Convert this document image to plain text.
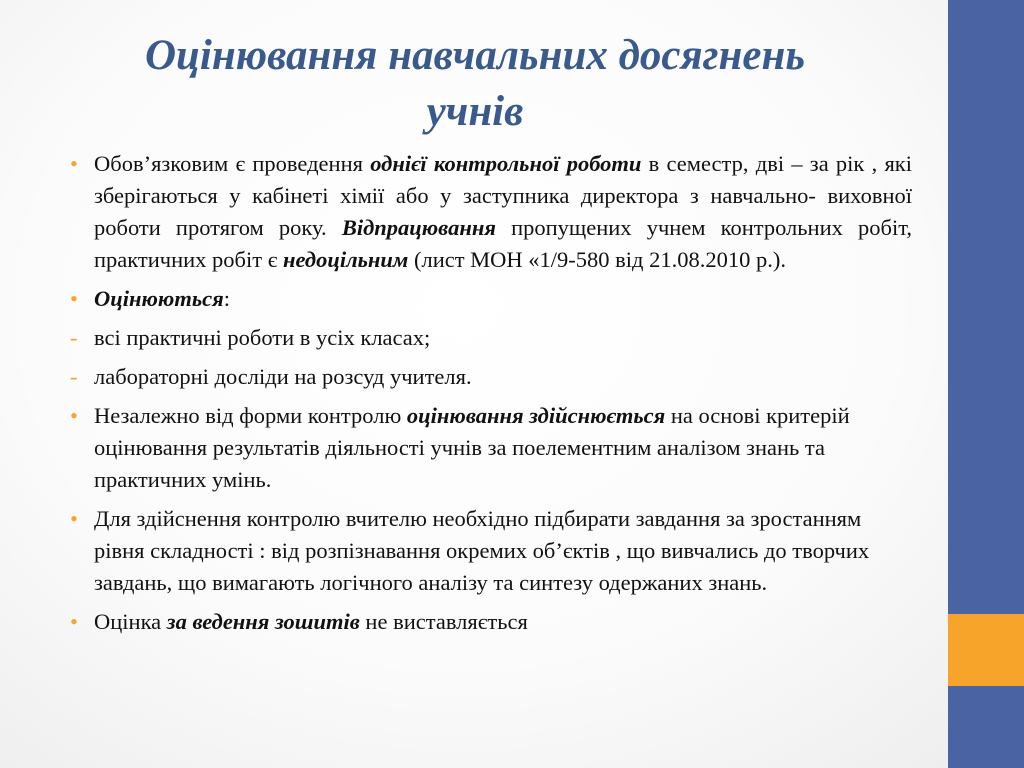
Оцінювання навчальних досягнень
учнів
• Обов’язковим є проведення однієї контрольної роботи в семестр, дві – за рік , які зберігаються у кабінеті хімії або у заступника директора з навчально- виховної роботи протягом року. Відпрацювання пропущених учнем контрольних робіт, практичних робіт є недоцільним (лист МОН «1/9-580 від 21.08.2010 р.).
• Оцінюються:
- всі практичні роботи в усіх класах;
- лабораторні досліди на розсуд учителя.
• Незалежно від форми контролю оцінювання здійснюється на основі критерій оцінювання результатів діяльності учнів за поелементним аналізом знань та практичних умінь.
• Для здійснення контролю вчителю необхідно підбирати завдання за зростанням рівня складності : від розпізнавання окремих об’єктів , що вивчались до творчих завдань, що вимагають логічного аналізу та синтезу одержаних знань.
• Оцінка за ведення зошитів не виставляється
